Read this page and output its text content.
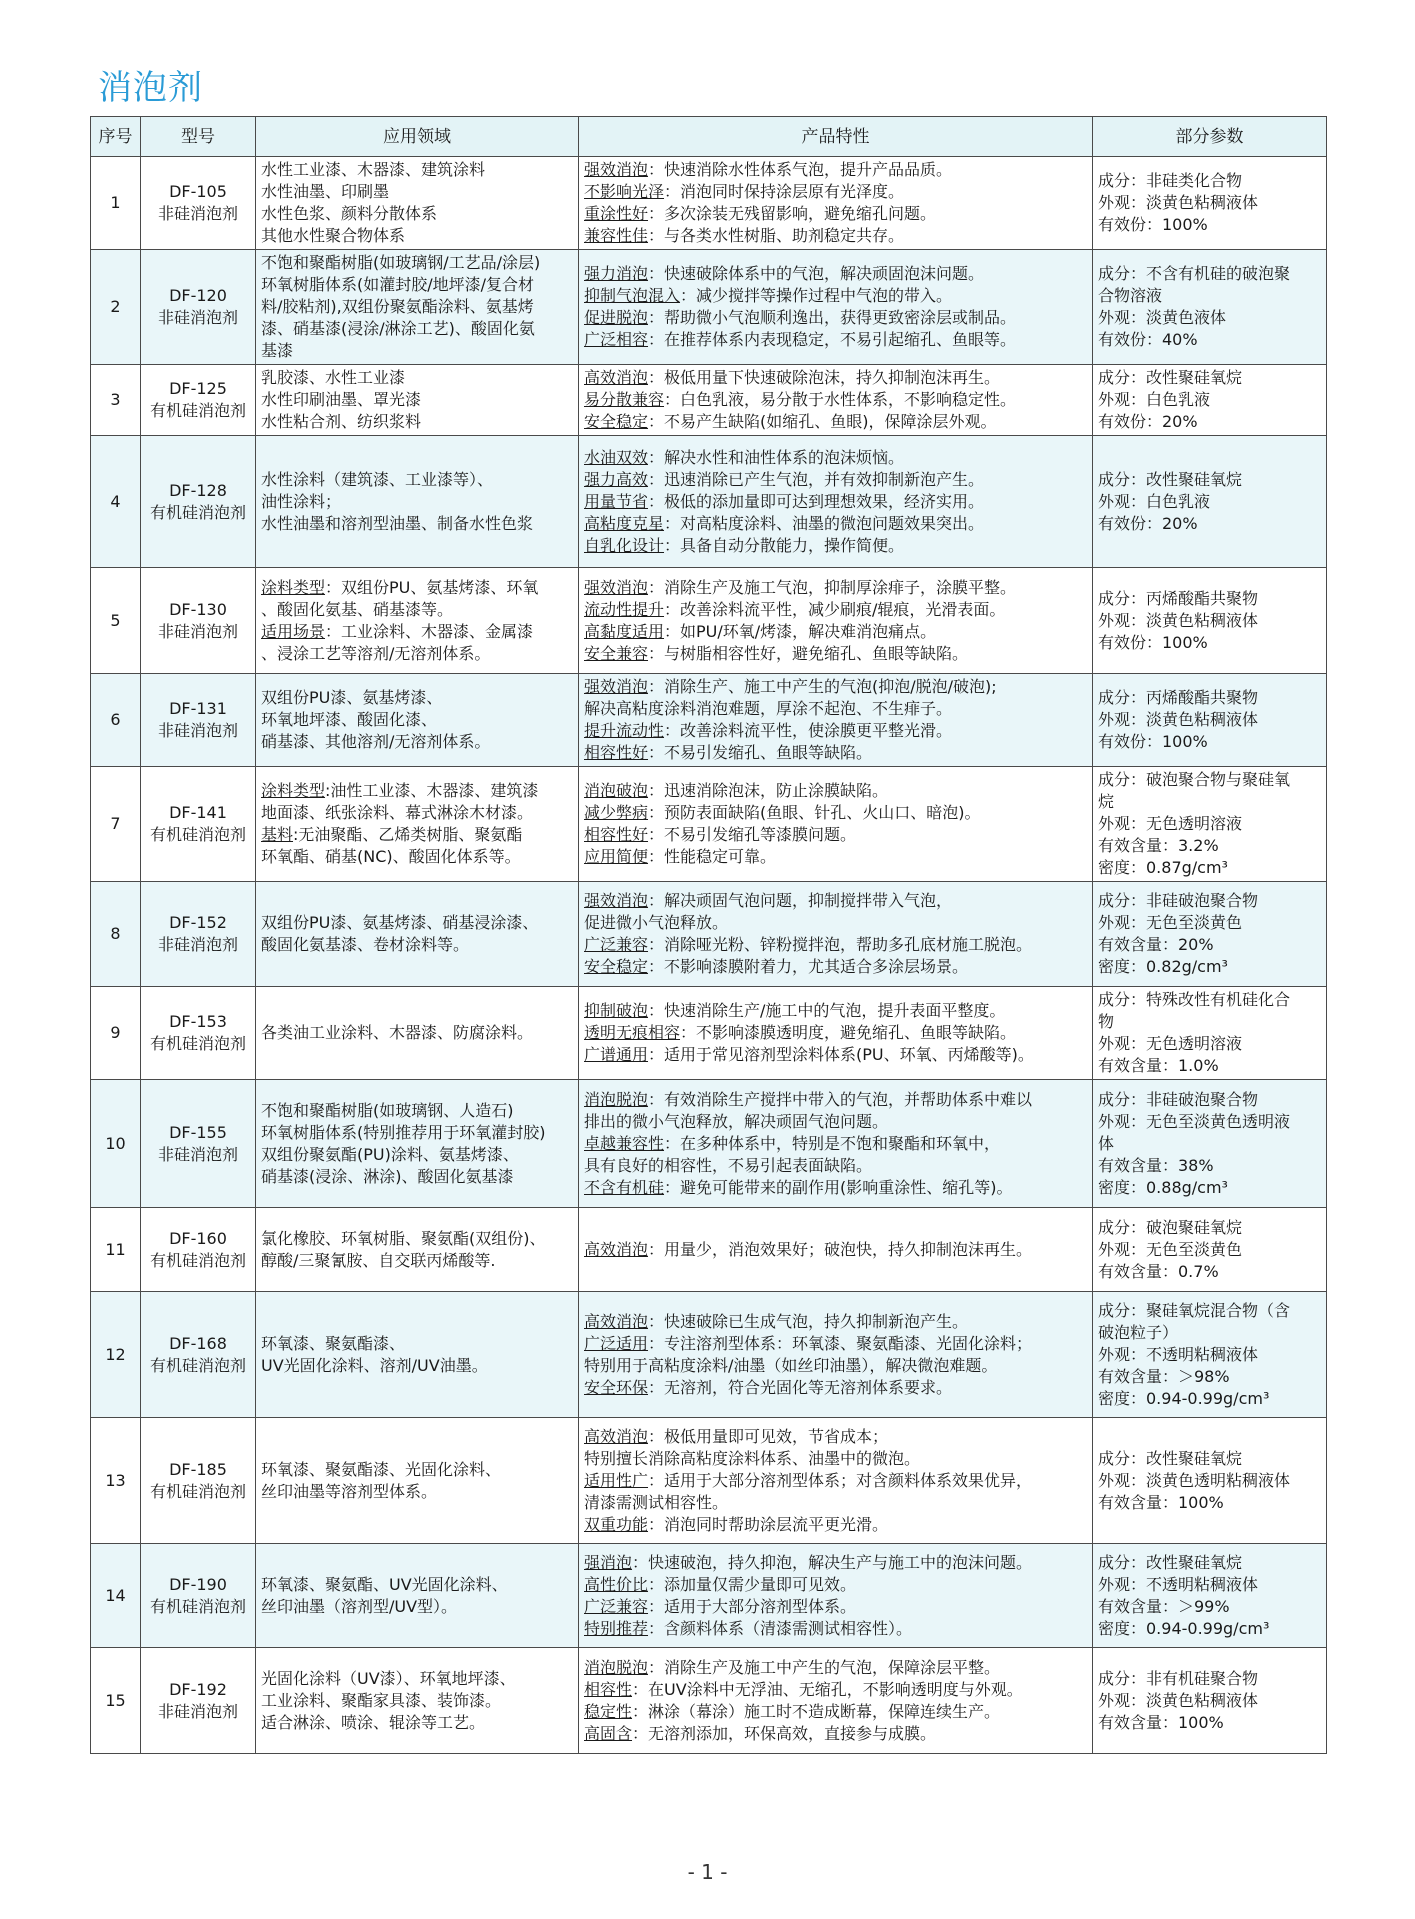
消泡剂
序号	型号	应用领域	产品特性	部分参数
1	DF-105
非硅消泡剂	水性工业漆、木器漆、建筑涂料
水性油墨、印刷墨
水性色浆、颜料分散体系
其他水性聚合物体系	强效消泡：快速消除水性体系气泡，提升产品品质。
不影响光泽：消泡同时保持涂层原有光泽度。
重涂性好：多次涂装无残留影响，避免缩孔问题。
兼容性佳：与各类水性树脂、助剂稳定共存。	成分：非硅类化合物
外观：淡黄色粘稠液体
有效份：100%

2	DF-120
非硅消泡剂	不饱和聚酯树脂(如玻璃钢/工艺品/涂层)
环氧树脂体系(如灌封胶/地坪漆/复合材
料/胶粘剂),双组份聚氨酯涂料、氨基烤
漆、硝基漆(浸涂/淋涂工艺)、酸固化氨
基漆	强力消泡：快速破除体系中的气泡，解决顽固泡沫问题。
抑制气泡混入：减少搅拌等操作过程中气泡的带入。
促进脱泡：帮助微小气泡顺利逸出，获得更致密涂层或制品。
广泛相容：在推荐体系内表现稳定，不易引起缩孔、鱼眼等。	成分：不含有机硅的破泡聚
合物溶液
外观：淡黄色液体
有效份：40%

3	DF-125
有机硅消泡剂	乳胶漆、水性工业漆
水性印刷油墨、罩光漆
水性粘合剂、纺织浆料	高效消泡：极低用量下快速破除泡沫，持久抑制泡沫再生。
易分散兼容：白色乳液，易分散于水性体系，不影响稳定性。
安全稳定：不易产生缺陷(如缩孔、鱼眼)，保障涂层外观。	成分：改性聚硅氧烷
外观：白色乳液
有效份：20%

4	DF-128
有机硅消泡剂	水性涂料（建筑漆、工业漆等）、
油性涂料；
水性油墨和溶剂型油墨、制备水性色浆	水油双效：解决水性和油性体系的泡沫烦恼。
强力高效：迅速消除已产生气泡，并有效抑制新泡产生。
用量节省：极低的添加量即可达到理想效果，经济实用。
高粘度克星：对高粘度涂料、油墨的微泡问题效果突出。
自乳化设计：具备自动分散能力，操作简便。	成分：改性聚硅氧烷
外观：白色乳液
有效份：20%

5	DF-130
非硅消泡剂	涂料类型：双组份PU、氨基烤漆、环氧
、酸固化氨基、硝基漆等。
适用场景：工业涂料、木器漆、金属漆
、浸涂工艺等溶剂/无溶剂体系。	强效消泡：消除生产及施工气泡，抑制厚涂痱子，涂膜平整。
流动性提升：改善涂料流平性，减少刷痕/辊痕，光滑表面。
高黏度适用：如PU/环氧/烤漆，解决难消泡痛点。
安全兼容：与树脂相容性好，避免缩孔、鱼眼等缺陷。	成分：丙烯酸酯共聚物
外观：淡黄色粘稠液体
有效份：100%

6	DF-131
非硅消泡剂	双组份PU漆、氨基烤漆、
环氧地坪漆、酸固化漆、
硝基漆、其他溶剂/无溶剂体系。	强效消泡：消除生产、施工中产生的气泡(抑泡/脱泡/破泡);
解决高粘度涂料消泡难题，厚涂不起泡、不生痱子。
提升流动性：改善涂料流平性，使涂膜更平整光滑。
相容性好：不易引发缩孔、鱼眼等缺陷。	成分：丙烯酸酯共聚物
外观：淡黄色粘稠液体
有效份：100%

7	DF-141
有机硅消泡剂	涂料类型:油性工业漆、木器漆、建筑漆
地面漆、纸张涂料、幕式淋涂木材漆。
基料:无油聚酯、乙烯类树脂、聚氨酯
环氧酯、硝基(NC)、酸固化体系等。	消泡破泡：迅速消除泡沫，防止涂膜缺陷。
减少弊病：预防表面缺陷(鱼眼、针孔、火山口、暗泡)。
相容性好：不易引发缩孔等漆膜问题。
应用简便：性能稳定可靠。	成分：破泡聚合物与聚硅氧
烷
外观：无色透明溶液
有效含量：3.2%
密度：0.87g/cm³

8	DF-152
非硅消泡剂	双组份PU漆、氨基烤漆、硝基浸涂漆、
酸固化氨基漆、卷材涂料等。	强效消泡：解决顽固气泡问题，抑制搅拌带入气泡，
促进微小气泡释放。
广泛兼容：消除哑光粉、锌粉搅拌泡，帮助多孔底材施工脱泡。
安全稳定：不影响漆膜附着力，尤其适合多涂层场景。	成分：非硅破泡聚合物
外观：无色至淡黄色
有效含量：20%
密度：0.82g/cm³

9	DF-153
有机硅消泡剂	各类油工业涂料、木器漆、防腐涂料。	抑制破泡：快速消除生产/施工中的气泡，提升表面平整度。
透明无痕相容：不影响漆膜透明度，避免缩孔、鱼眼等缺陷。
广谱通用：适用于常见溶剂型涂料体系(PU、环氧、丙烯酸等)。	成分：特殊改性有机硅化合
物
外观：无色透明溶液
有效含量：1.0%

10	DF-155
非硅消泡剂	不饱和聚酯树脂(如玻璃钢、人造石)
环氧树脂体系(特别推荐用于环氧灌封胶)
双组份聚氨酯(PU)涂料、氨基烤漆、
硝基漆(浸涂、淋涂)、酸固化氨基漆	消泡脱泡：有效消除生产搅拌中带入的气泡，并帮助体系中难以
排出的微小气泡释放，解决顽固气泡问题。
卓越兼容性：在多种体系中，特别是不饱和聚酯和环氧中，
具有良好的相容性，不易引起表面缺陷。
不含有机硅：避免可能带来的副作用(影响重涂性、缩孔等)。	成分：非硅破泡聚合物
外观：无色至淡黄色透明液
体
有效含量：38%
密度：0.88g/cm³

11	DF-160
有机硅消泡剂	氯化橡胶、环氧树脂、聚氨酯(双组份)、
醇酸/三聚氰胺、自交联丙烯酸等.	高效消泡：用量少，消泡效果好；破泡快，持久抑制泡沫再生。	成分：破泡聚硅氧烷
外观：无色至淡黄色
有效含量：0.7%

12	DF-168
有机硅消泡剂	环氧漆、聚氨酯漆、
UV光固化涂料、溶剂/UV油墨。	高效消泡：快速破除已生成气泡，持久抑制新泡产生。
广泛适用：专注溶剂型体系：环氧漆、聚氨酯漆、光固化涂料；
特别用于高粘度涂料/油墨（如丝印油墨），解决微泡难题。
安全环保：无溶剂，符合光固化等无溶剂体系要求。	成分：聚硅氧烷混合物（含
破泡粒子）
外观：不透明粘稠液体
有效含量：＞98%
密度：0.94-0.99g/cm³

13	DF-185
有机硅消泡剂	环氧漆、聚氨酯漆、光固化涂料、
丝印油墨等溶剂型体系。	高效消泡：极低用量即可见效，节省成本；
特别擅长消除高粘度涂料体系、油墨中的微泡。
适用性广：适用于大部分溶剂型体系；对含颜料体系效果优异，
清漆需测试相容性。
双重功能：消泡同时帮助涂层流平更光滑。	成分：改性聚硅氧烷
外观：淡黄色透明粘稠液体
有效含量：100%

14	DF-190
有机硅消泡剂	环氧漆、聚氨酯、UV光固化涂料、
丝印油墨（溶剂型/UV型）。	强消泡：快速破泡，持久抑泡，解决生产与施工中的泡沫问题。
高性价比：添加量仅需少量即可见效。
广泛兼容：适用于大部分溶剂型体系。
特别推荐：含颜料体系（清漆需测试相容性）。	成分：改性聚硅氧烷
外观：不透明粘稠液体
有效含量：＞99%
密度：0.94-0.99g/cm³

15	DF-192
非硅消泡剂	光固化涂料（UV漆）、环氧地坪漆、
工业涂料、聚酯家具漆、装饰漆。
适合淋涂、喷涂、辊涂等工艺。	消泡脱泡：消除生产及施工中产生的气泡，保障涂层平整。
相容性：在UV涂料中无浮油、无缩孔，不影响透明度与外观。
稳定性：淋涂（幕涂）施工时不造成断幕，保障连续生产。
高固含：无溶剂添加，环保高效，直接参与成膜。	成分：非有机硅聚合物
外观：淡黄色粘稠液体
有效含量：100%
- 1 -
